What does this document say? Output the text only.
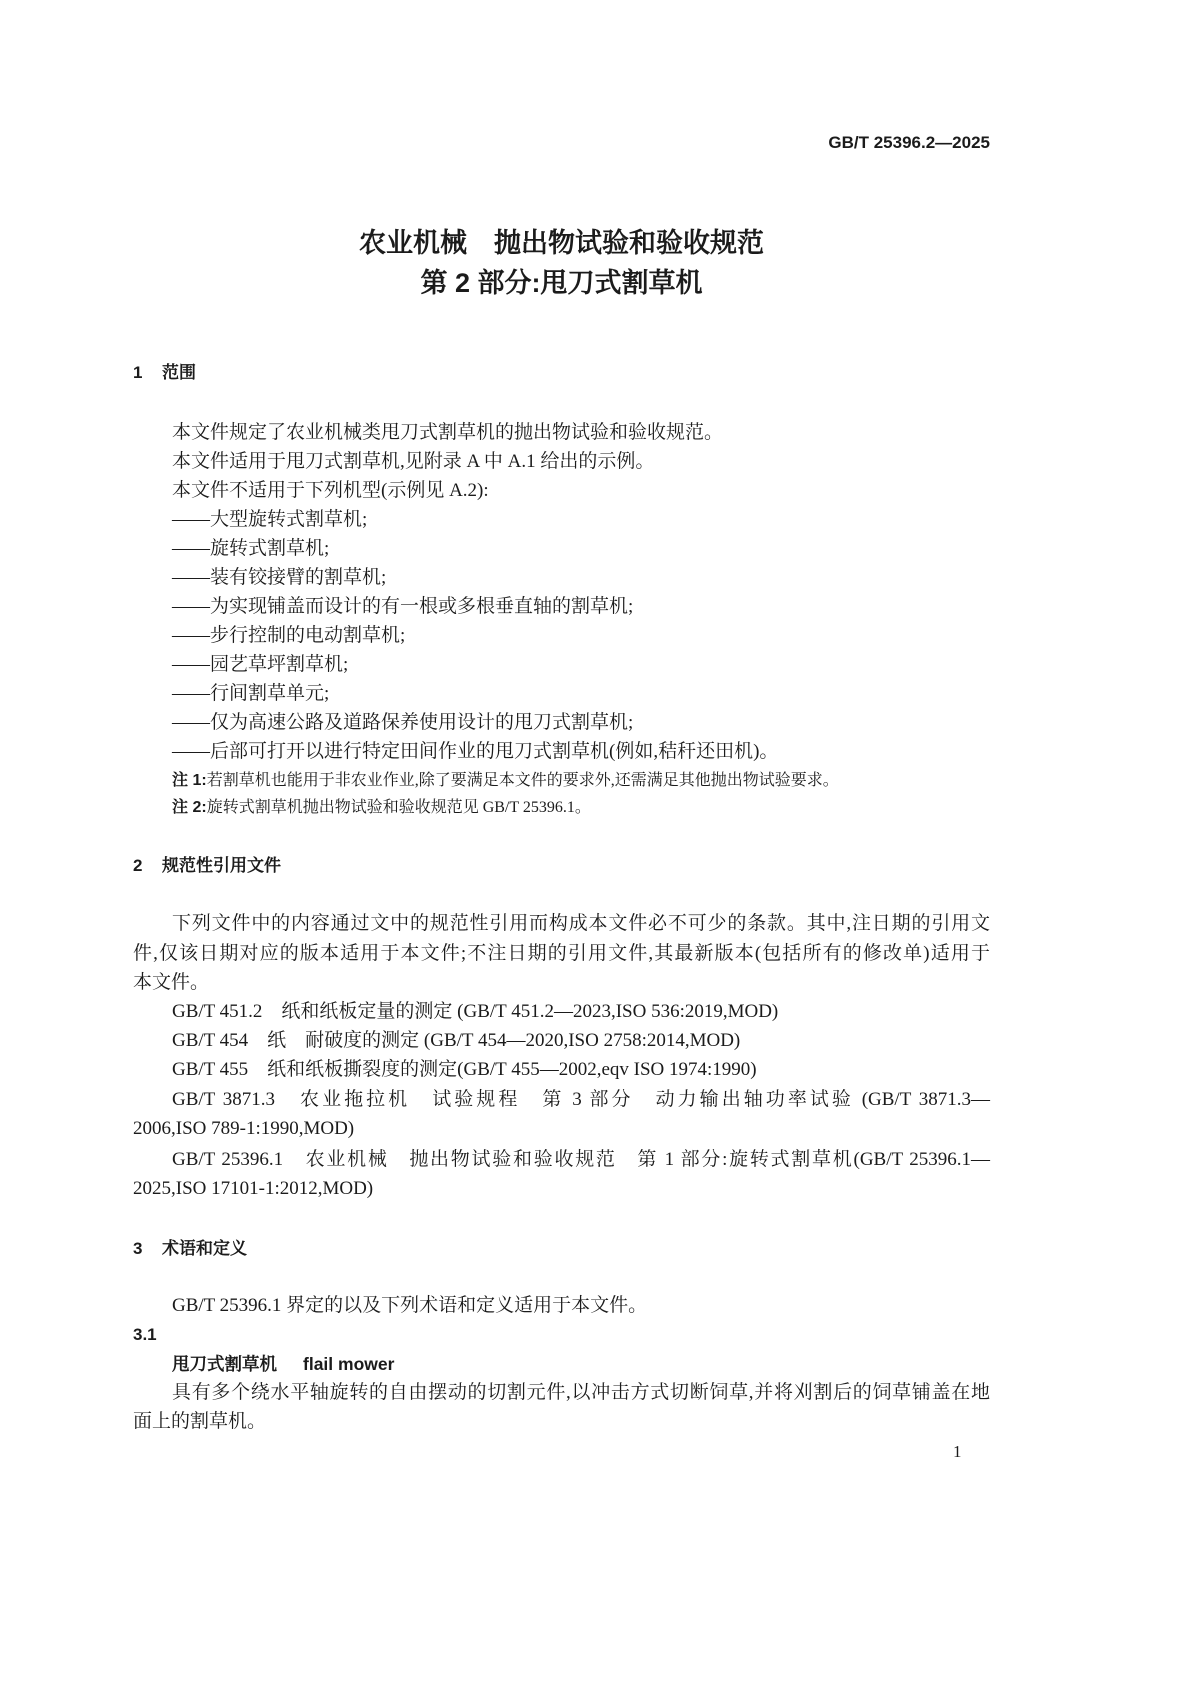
GB/T 25396.2—2025
农业机械　抛出物试验和验收规范
第 2 部分:甩刀式割草机
1 范围
本文件规定了农业机械类甩刀式割草机的抛出物试验和验收规范。
本文件适用于甩刀式割草机,见附录 A 中 A.1 给出的示例。
本文件不适用于下列机型(示例见 A.2):
——大型旋转式割草机;
——旋转式割草机;
——装有铰接臂的割草机;
——为实现铺盖而设计的有一根或多根垂直轴的割草机;
——步行控制的电动割草机;
——园艺草坪割草机;
——行间割草单元;
——仅为高速公路及道路保养使用设计的甩刀式割草机;
——后部可打开以进行特定田间作业的甩刀式割草机(例如,秸秆还田机)。
注 1:若割草机也能用于非农业作业,除了要满足本文件的要求外,还需满足其他抛出物试验要求。
注 2:旋转式割草机抛出物试验和验收规范见 GB/T 25396.1。
2 规范性引用文件
下列文件中的内容通过文中的规范性引用而构成本文件必不可少的条款。其中,注日期的引用文
件,仅该日期对应的版本适用于本文件;不注日期的引用文件,其最新版本(包括所有的修改单)适用于
本文件。
GB/T 451.2　纸和纸板定量的测定 (GB/T 451.2—2023,ISO 536:2019,MOD)
GB/T 454　纸　耐破度的测定 (GB/T 454—2020,ISO 2758:2014,MOD)
GB/T 455　纸和纸板撕裂度的测定(GB/T 455—2002,eqv ISO 1974:1990)
GB/T 3871.3　农业拖拉机　试验规程　第 3 部分　动力输出轴功率试验 (GB/T 3871.3—
2006,ISO 789-1:1990,MOD)
GB/T 25396.1　农业机械　抛出物试验和验收规范　第 1 部分:旋转式割草机(GB/T 25396.1—
2025,ISO 17101-1:2012,MOD)
3 术语和定义
GB/T 25396.1 界定的以及下列术语和定义适用于本文件。
3.1
甩刀式割草机 flail mower
具有多个绕水平轴旋转的自由摆动的切割元件,以冲击方式切断饲草,并将刈割后的饲草铺盖在地
面上的割草机。
1
